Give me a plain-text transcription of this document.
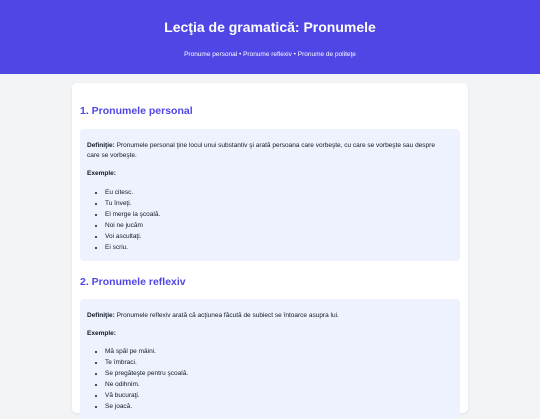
Lecţia de gramatică: Pronumele
Pronume personal • Pronume reflexiv • Pronume de politeţe
1. Pronumele personal
Definiţie: Pronumele personal ţine locul unui substantiv şi arată persoana care vorbeşte, cu care se vorbeşte sau despre care se vorbeşte.
Exemple:
• Eu citesc.
• Tu înveţi.
• El merge la şcoală.
• Noi ne jucăm
• Voi ascultaţi.
• Ei scriu.
2. Pronumele reflexiv
Definiţie: Pronumele reflexiv arată că acţiunea făcută de subiect se întoarce asupra lui.
Exemple:
• Mă spăl pe mâini.
• Te îmbraci.
• Se pregăteşte pentru şcoală.
• Ne odihnim.
• Vă bucuraţi.
• Se joacă.
